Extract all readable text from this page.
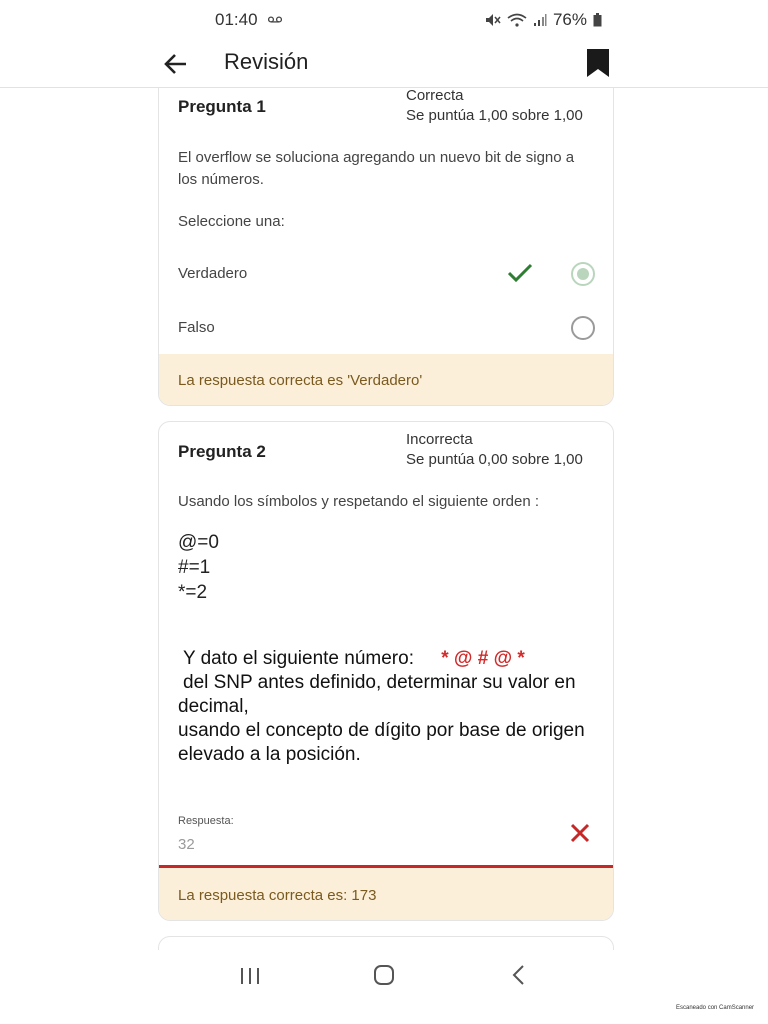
01:40	76%
Revisión
Pregunta 1
Correcta
Se puntúa 1,00 sobre 1,00
El overflow se soluciona agregando un nuevo bit de signo a los números.
Seleccione una:
Verdadero
Falso
La respuesta correcta es 'Verdadero'
Pregunta 2
Incorrecta
Se puntúa 0,00 sobre 1,00
Usando los símbolos y respetando el siguiente orden :
@=0
#=1
*=2
Y dato el siguiente número: * @ # @ *
del SNP antes definido, determinar su valor en decimal,
usando el concepto de dígito por base de origen elevado a la posición.
Respuesta:
32
La respuesta correcta es: 173
Escaneado con CamScanner
